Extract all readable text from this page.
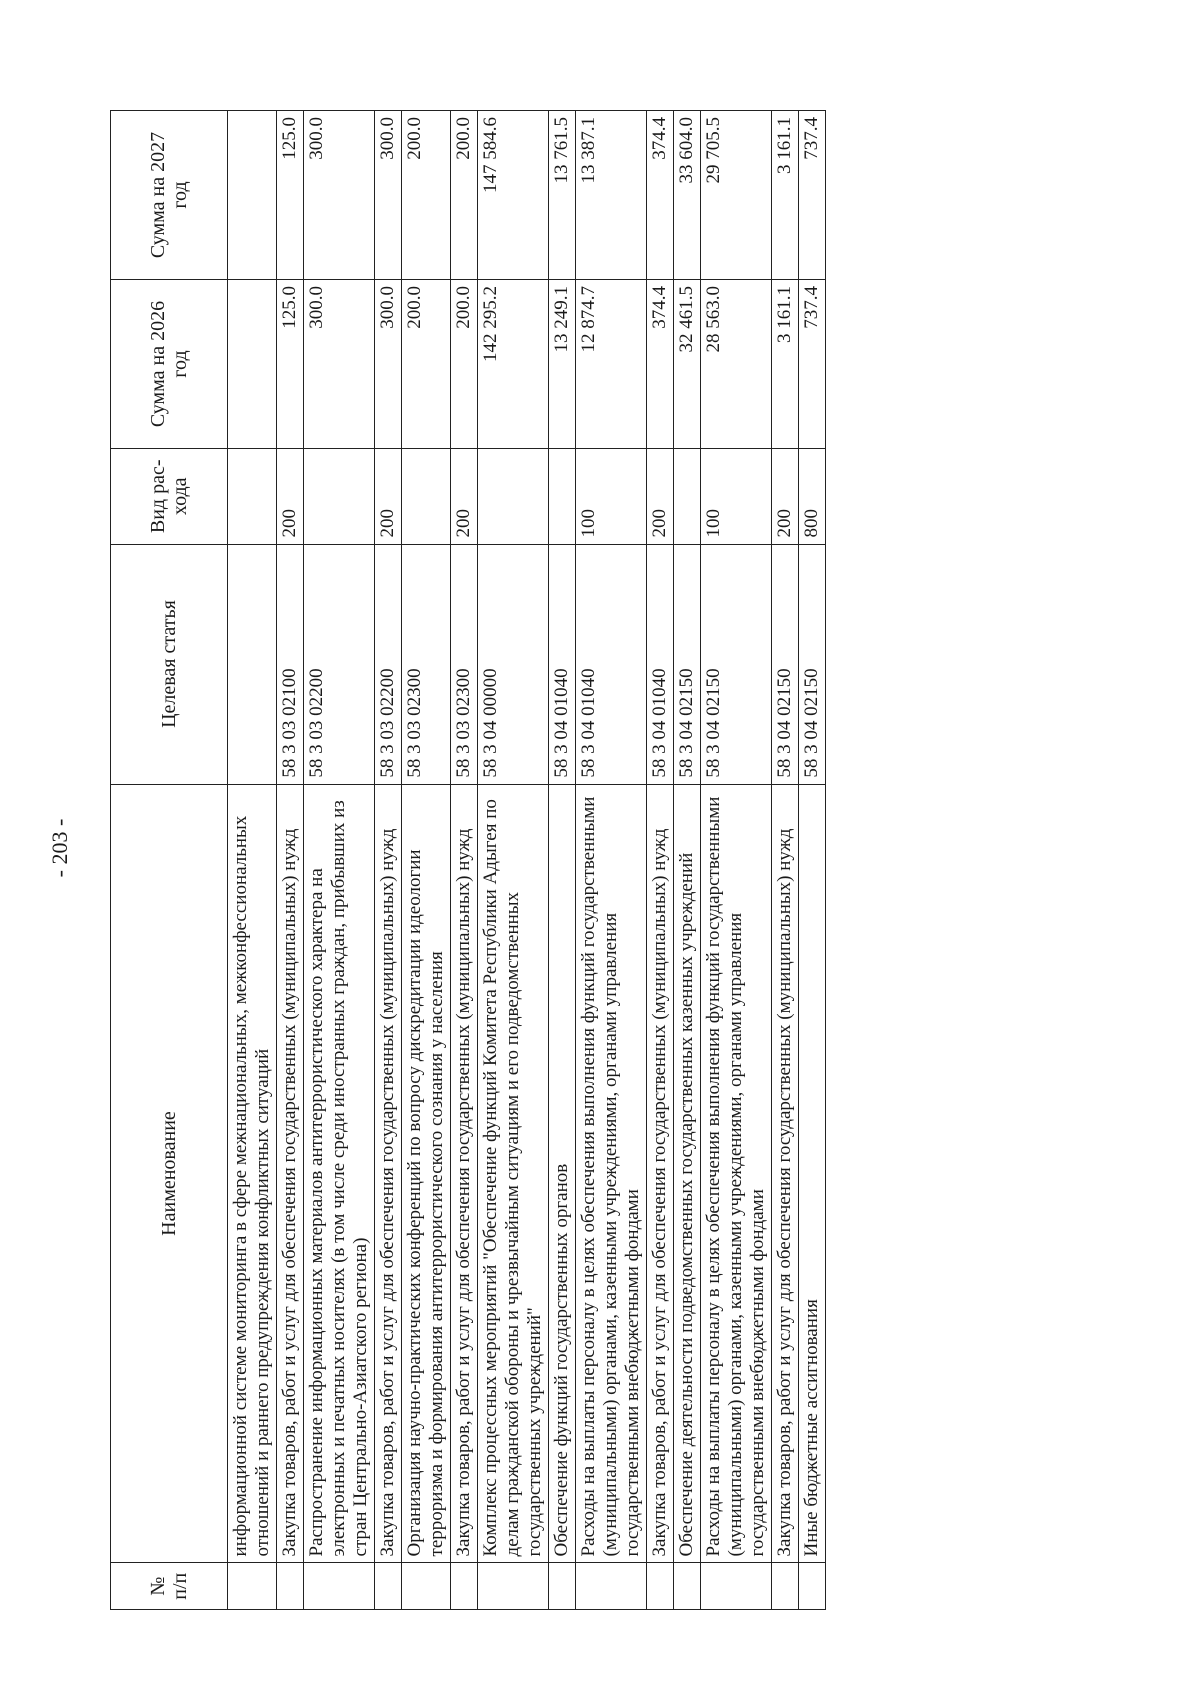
- 203 -
№ п/п	Наименование	Целевая статья	Вид рас-хода	Сумма на 2026 год	Сумма на 2027 год
	информационной системе мониторинга в сфере межнациональных, межконфессиональных отношений и раннего предупреждения конфликтных ситуаций				
	Закупка товаров, работ и услуг для обеспечения государственных (муниципальных) нужд	58 3 03 02100	200	125.0	125.0
	Распространение информационных материалов антитеррористического характера на электронных и печатных носителях (в том числе среди иностранных граждан, прибывших из стран Центрально-Азиатского региона)	58 3 03 02200		300.0	300.0
	Закупка товаров, работ и услуг для обеспечения государственных (муниципальных) нужд	58 3 03 02200	200	300.0	300.0
	Организация научно-практических конференций по вопросу дискредитации идеологии терроризма и формирования антитеррористического сознания у населения	58 3 03 02300		200.0	200.0
	Закупка товаров, работ и услуг для обеспечения государственных (муниципальных) нужд	58 3 03 02300	200	200.0	200.0
	Комплекс процессных мероприятий "Обеспечение функций Комитета Республики Адыгея по делам гражданской обороны и чрезвычайным ситуациям и его подведомственных государственных учреждений"	58 3 04 00000		142 295.2	147 584.6
	Обеспечение функций государственных органов	58 3 04 01040		13 249.1	13 761.5
	Расходы на выплаты персоналу в целях обеспечения выполнения функций государственными (муниципальными) органами, казенными учреждениями, органами управления государственными внебюджетными фондами	58 3 04 01040	100	12 874.7	13 387.1
	Закупка товаров, работ и услуг для обеспечения государственных (муниципальных) нужд	58 3 04 01040	200	374.4	374.4
	Обеспечение деятельности подведомственных государственных казенных учреждений	58 3 04 02150		32 461.5	33 604.0
	Расходы на выплаты персоналу в целях обеспечения выполнения функций государственными (муниципальными) органами, казенными учреждениями, органами управления государственными внебюджетными фондами	58 3 04 02150	100	28 563.0	29 705.5
	Закупка товаров, работ и услуг для обеспечения государственных (муниципальных) нужд	58 3 04 02150	200	3 161.1	3 161.1
	Иные бюджетные ассигнования	58 3 04 02150	800	737.4	737.4
